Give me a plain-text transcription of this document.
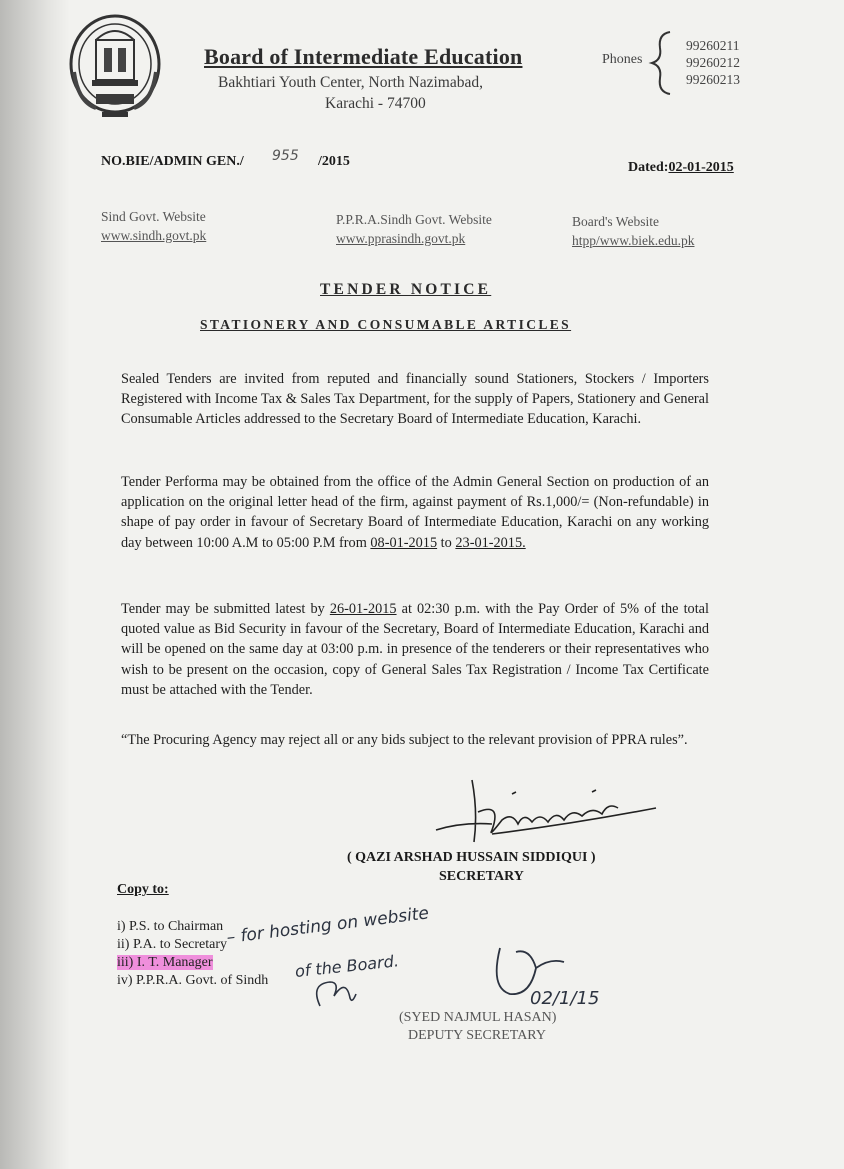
Board of Intermediate Education
Bakhtiari Youth Center, North Nazimabad,
Karachi - 74700
Phones
99260211
99260212
99260213
NO.BIE/ADMIN GEN./ 955 /2015	Dated:02-01-2015
Sind Govt. Website
www.sindh.govt.pk
P.P.R.A.Sindh Govt. Website
www.pprasindh.govt.pk
Board's Website
htpp/www.biek.edu.pk
TENDER NOTICE
STATIONERY AND CONSUMABLE ARTICLES
Sealed Tenders are invited from reputed and financially sound Stationers, Stockers / Importers Registered with Income Tax & Sales Tax Department, for the supply of Papers, Stationery and General Consumable Articles addressed to the Secretary Board of Intermediate Education, Karachi.
Tender Performa may be obtained from the office of the Admin General Section on production of an application on the original letter head of the firm, against payment of Rs.1,000/= (Non-refundable) in shape of pay order in favour of Secretary Board of Intermediate Education, Karachi on any working day between 10:00 A.M to 05:00 P.M from 08-01-2015 to 23-01-2015.
Tender may be submitted latest by 26-01-2015 at 02:30 p.m. with the Pay Order of 5% of the total quoted value as Bid Security in favour of the Secretary, Board of Intermediate Education, Karachi and will be opened on the same day at 03:00 p.m. in presence of the tenderers or their representatives who wish to be present on the occasion, copy of General Sales Tax Registration / Income Tax Certificate must be attached with the Tender.
“The Procuring Agency may reject all or any bids subject to the relevant provision of PPRA rules”.
( QAZI ARSHAD HUSSAIN SIDDIQUI )
SECRETARY
Copy to:
i) P.S. to Chairman
ii) P.A. to Secretary
iii) I. T. Manager
iv) P.P.R.A. Govt. of Sindh
– for hosting on website
of the Board.
02/1/15
(SYED NAJMUL HASAN)
DEPUTY SECRETARY
